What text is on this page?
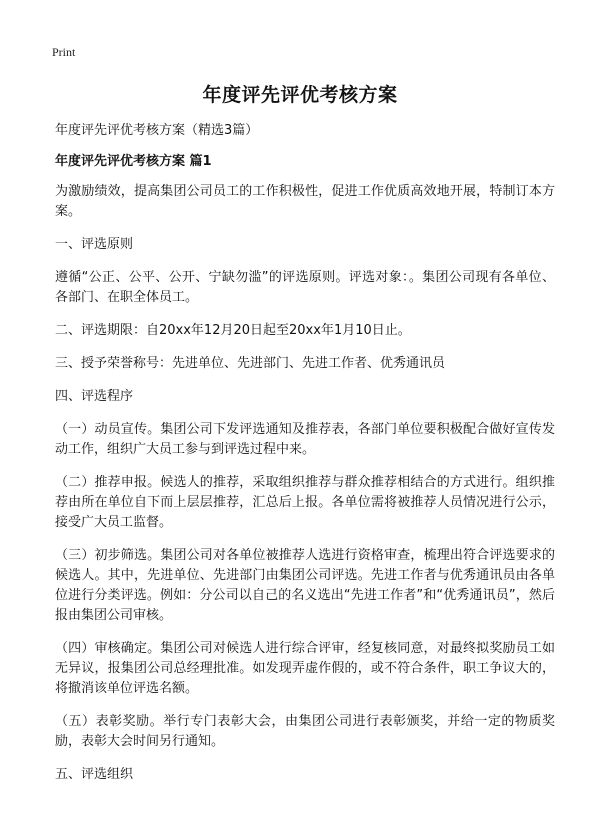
Print
年度评先评优考核方案

年度评先评优考核方案（精选3篇）

年度评先评优考核方案 篇1

为激励绩效，提高集团公司员工的工作积极性，促进工作优质高效地开展，特制订本方案。

一、评选原则

遵循“公正、公平、公开、宁缺勿滥”的评选原则。评选对象：。集团公司现有各单位、各部门、在职全体员工。

二、评选期限：自20xx年12月20日起至20xx年1月10日止。

三、授予荣誉称号：先进单位、先进部门、先进工作者、优秀通讯员

四、评选程序

（一）动员宣传。集团公司下发评选通知及推荐表，各部门单位要积极配合做好宣传发动工作，组织广大员工参与到评选过程中来。

（二）推荐申报。候选人的推荐，采取组织推荐与群众推荐相结合的方式进行。组织推荐由所在单位自下而上层层推荐，汇总后上报。各单位需将被推荐人员情况进行公示，接受广大员工监督。

（三）初步筛选。集团公司对各单位被推荐人选进行资格审查，梳理出符合评选要求的候选人。其中，先进单位、先进部门由集团公司评选。先进工作者与优秀通讯员由各单位进行分类评选。例如：分公司以自己的名义选出“先进工作者”和“优秀通讯员”，然后报由集团公司审核。

（四）审核确定。集团公司对候选人进行综合评审，经复核同意，对最终拟奖励员工如无异议，报集团公司总经理批准。如发现弄虚作假的，或不符合条件，职工争议大的，将撤消该单位评选名额。

（五）表彰奖励。举行专门表彰大会，由集团公司进行表彰颁奖，并给一定的物质奖励，表彰大会时间另行通知。

五、评选组织
